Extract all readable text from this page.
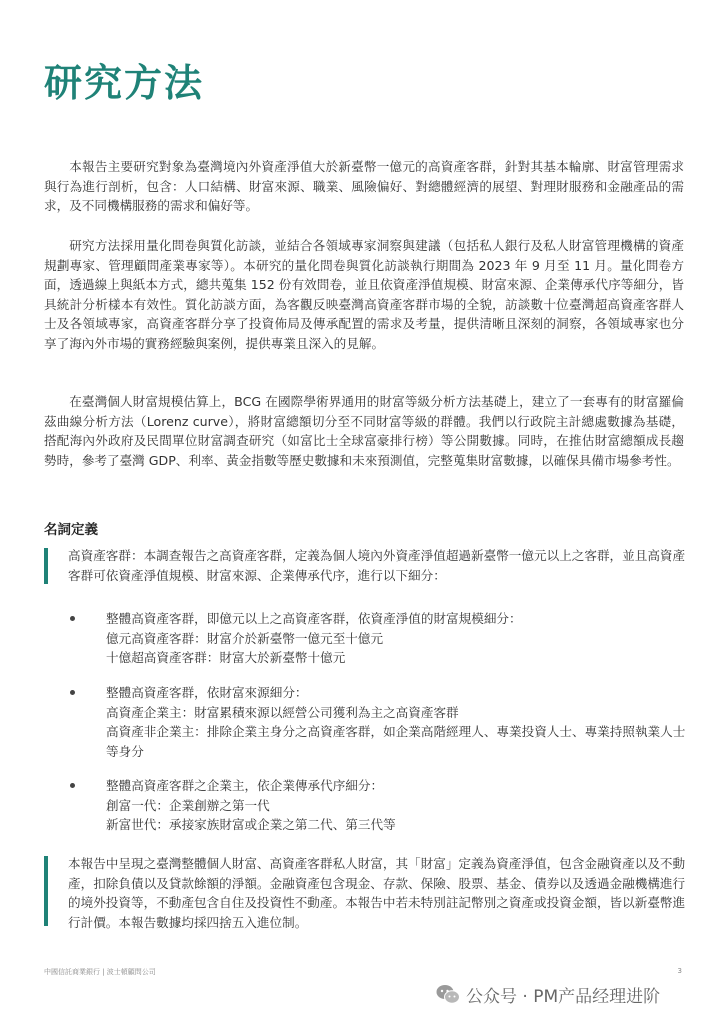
研究方法

本報告主要研究對象為臺灣境內外資產淨值大於新臺幣一億元的高資產客群，針對其基本輪廓、財富管理需求與行為進行剖析，包含：人口結構、財富來源、職業、風險偏好、對總體經濟的展望、對理財服務和金融產品的需求，及不同機構服務的需求和偏好等。

研究方法採用量化問卷與質化訪談，並結合各領域專家洞察與建議（包括私人銀行及私人財富管理機構的資產規劃專家、管理顧問產業專家等）。本研究的量化問卷與質化訪談執行期間為 2023 年 9 月至 11 月。量化問卷方面，透過線上與紙本方式，總共蒐集 152 份有效問卷，並且依資產淨值規模、財富來源、企業傳承代序等細分，皆具統計分析樣本有效性。質化訪談方面，為客觀反映臺灣高資產客群市場的全貌，訪談數十位臺灣超高資產客群人士及各領域專家，高資產客群分享了投資佈局及傳承配置的需求及考量，提供清晰且深刻的洞察，各領域專家也分享了海內外市場的實務經驗與案例，提供專業且深入的見解。

在臺灣個人財富規模估算上，BCG 在國際學術界通用的財富等級分析方法基礎上，建立了一套專有的財富羅倫茲曲線分析方法（Lorenz curve），將財富總額切分至不同財富等級的群體。我們以行政院主計總處數據為基礎，搭配海內外政府及民間單位財富調查研究（如富比士全球富豪排行榜）等公開數據。同時，在推估財富總額成長趨勢時，參考了臺灣 GDP、利率、黃金指數等歷史數據和未來預測值，完整蒐集財富數據，以確保具備市場參考性。

名詞定義

高資產客群：本調查報告之高資產客群，定義為個人境內外資產淨值超過新臺幣一億元以上之客群，並且高資產客群可依資產淨值規模、財富來源、企業傳承代序，進行以下細分：

整體高資產客群，即億元以上之高資產客群，依資產淨值的財富規模細分：
億元高資產客群：財富介於新臺幣一億元至十億元
十億超高資產客群：財富大於新臺幣十億元
整體高資產客群，依財富來源細分：
高資產企業主：財富累積來源以經營公司獲利為主之高資產客群
高資產非企業主：排除企業主身分之高資產客群，如企業高階經理人、專業投資人士、專業持照執業人士等身分
整體高資產客群之企業主，依企業傳承代序細分：
創富一代：企業創辦之第一代
新富世代：承接家族財富或企業之第二代、第三代等

本報告中呈現之臺灣整體個人財富、高資產客群私人財富，其「財富」定義為資產淨值，包含金融資產以及不動產，扣除負債以及貸款餘額的淨額。金融資產包含現金、存款、保險、股票、基金、債券以及透過金融機構進行的境外投資等，不動產包含自住及投資性不動產。本報告中若未特別註記幣別之資產或投資金額，皆以新臺幣進行計價。本報告數據均採四捨五入進位制。

中國信託商業銀行 | 波士頓顧問公司	3
公众号 · PM产品经理进阶
